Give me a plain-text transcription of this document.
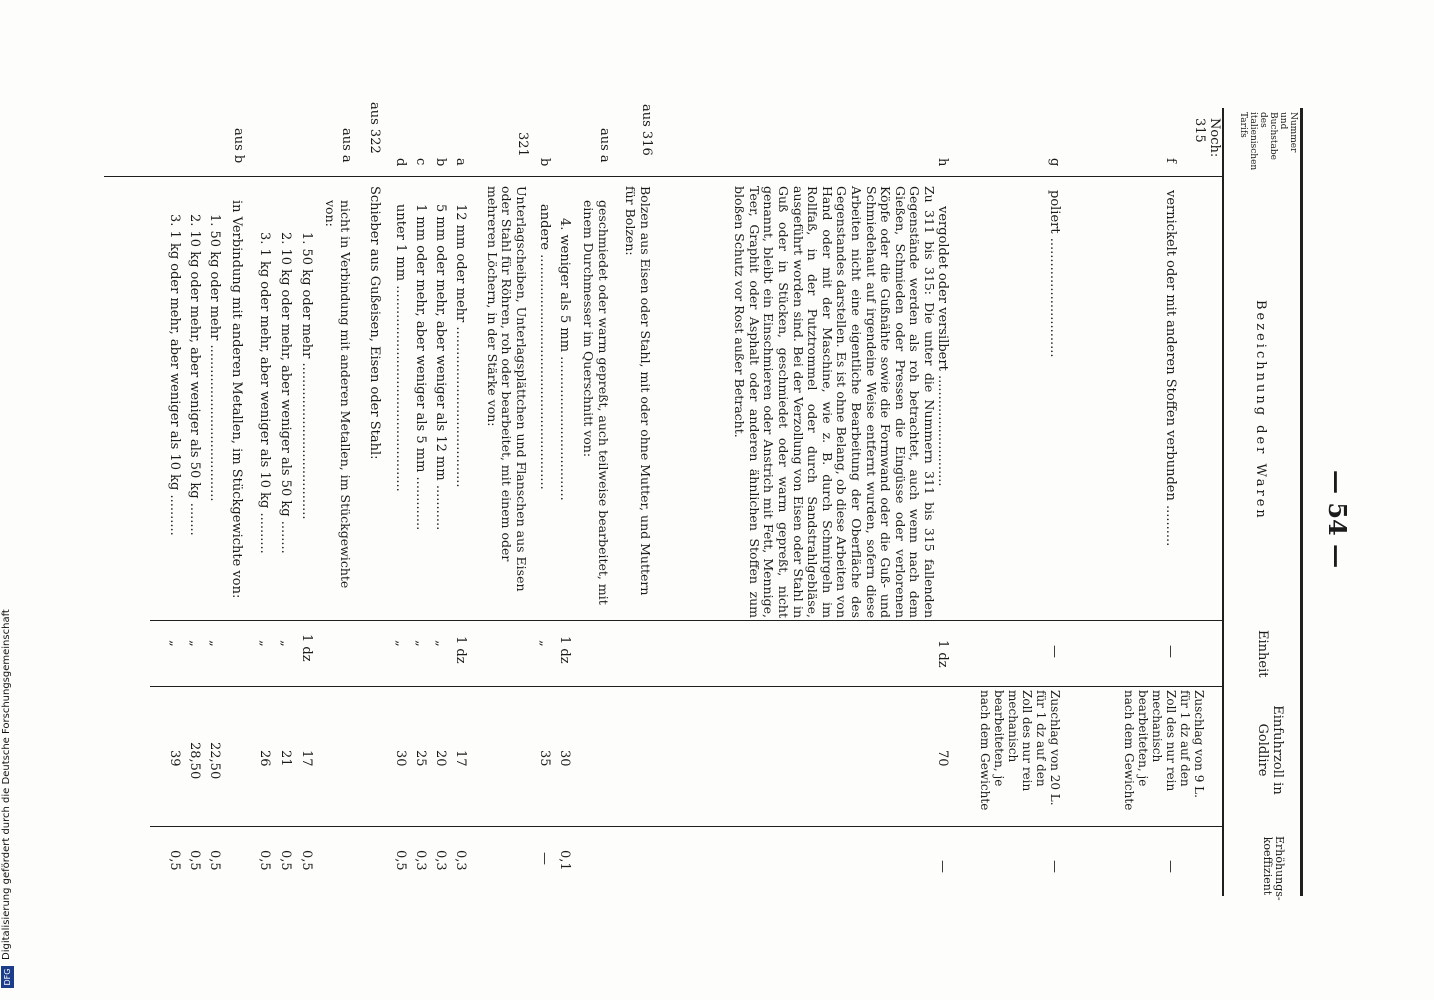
Digitalisierung gefördert durch die Deutsche Forschungsgemeinschaft
DFG
— 54 —
Nummer und Buchstabe des italienischen Tarifs
Bezeichnung der Waren
Einheit
Einfuhrzoll in Goldlire
Erhöhungs-koeffizient
Noch: 315
f
vernickelt oder mit anderen Stoffen verbunden ..........
—
Zuschlag von 9 L. für 1 dz auf den Zoll des nur rein mechanisch bearbeiteten, je nach dem Gewichte
—
g
poliert .............................
—
Zuschlag von 20 L. für 1 dz auf den Zoll des nur rein mechanisch bearbeiteten, je nach dem Gewichte
—
h
vergoldet oder versilbert ...........................
1 dz
70
—
Zu 311 bis 315: Die unter die Nummern 311 bis 315 fallenden Gegenstände werden als roh betrachtet, auch wenn nach dem Gießen, Schmieden oder Pressen die Eingüsse oder verlorenen Köpfe oder die Gußnähte sowie die Formwand oder die Guß- und Schmiedehaut auf irgendeine Weise entfernt wurden, sofern diese Arbeiten nicht eine eigentliche Bearbeitung der Oberfläche des Gegenstandes darstellen. Es ist ohne Belang, ob diese Arbeiten von Hand oder mit der Maschine, wie z. B. durch Schmirgeln im Rollfaß, in der Putztrommel oder durch Sandstrahlgebläse, ausgeführt worden sind. Bei der Verzollung von Eisen oder Stahl in Guß oder in Stücken, geschmiedet oder warm gepreßt, nicht genannt, bleibt ein Einschmieren oder Anstrich mit Fett, Mennige, Teer, Graphit oder Asphalt oder anderen ähnlichen Stoffen zum bloßen Schutz vor Rost außer Betracht.
aus 316
Bolzen aus Eisen oder Stahl, mit oder ohne Mutter, und Muttern für Bolzen:
aus a
geschmiedet oder warm gepreßt, auch teilweise bearbeitet, mit einem Durchmesser im Querschnitt von:
4. weniger als 5 mm ...................................
1 dz
30
0,1
b
andere .........................................................
„
35
—
321
Unterlagscheiben, Unterlagsplättchen und Flanschen aus Eisen oder Stahl für Röhren, roh oder bearbeitet, mit einem oder mehreren Löchern, in der Stärke von:
a
12 mm oder mehr .......................................
1 dz
17
0,3
b
5 mm oder mehr, aber weniger als 12 mm ...........
„
20
0,3
c
1 mm oder mehr, aber weniger als 5 mm .............
„
25
0,3
d
unter 1 mm ..................................................
„
30
0,5
aus 322
Schieber aus Gußeisen, Eisen oder Stahl:
aus a
nicht in Verbindung mit anderen Metallen, im Stückgewichte von:
1. 50 kg oder mehr ......................................
1 dz
17
0,5
2. 10 kg oder mehr, aber weniger als 50 kg ........
„
21
0,5
3. 1 kg oder mehr, aber weniger als 10 kg ..........
„
26
0,5
aus b
in Verbindung mit anderen Metallen, im Stückgewichte von:
1. 50 kg oder mehr ......................................
„
22,50
0,5
2. 10 kg oder mehr, aber weniger als 50 kg ........
„
28,50
0,5
3. 1 kg oder mehr, aber weniger als 10 kg ..........
„
39
0,5
